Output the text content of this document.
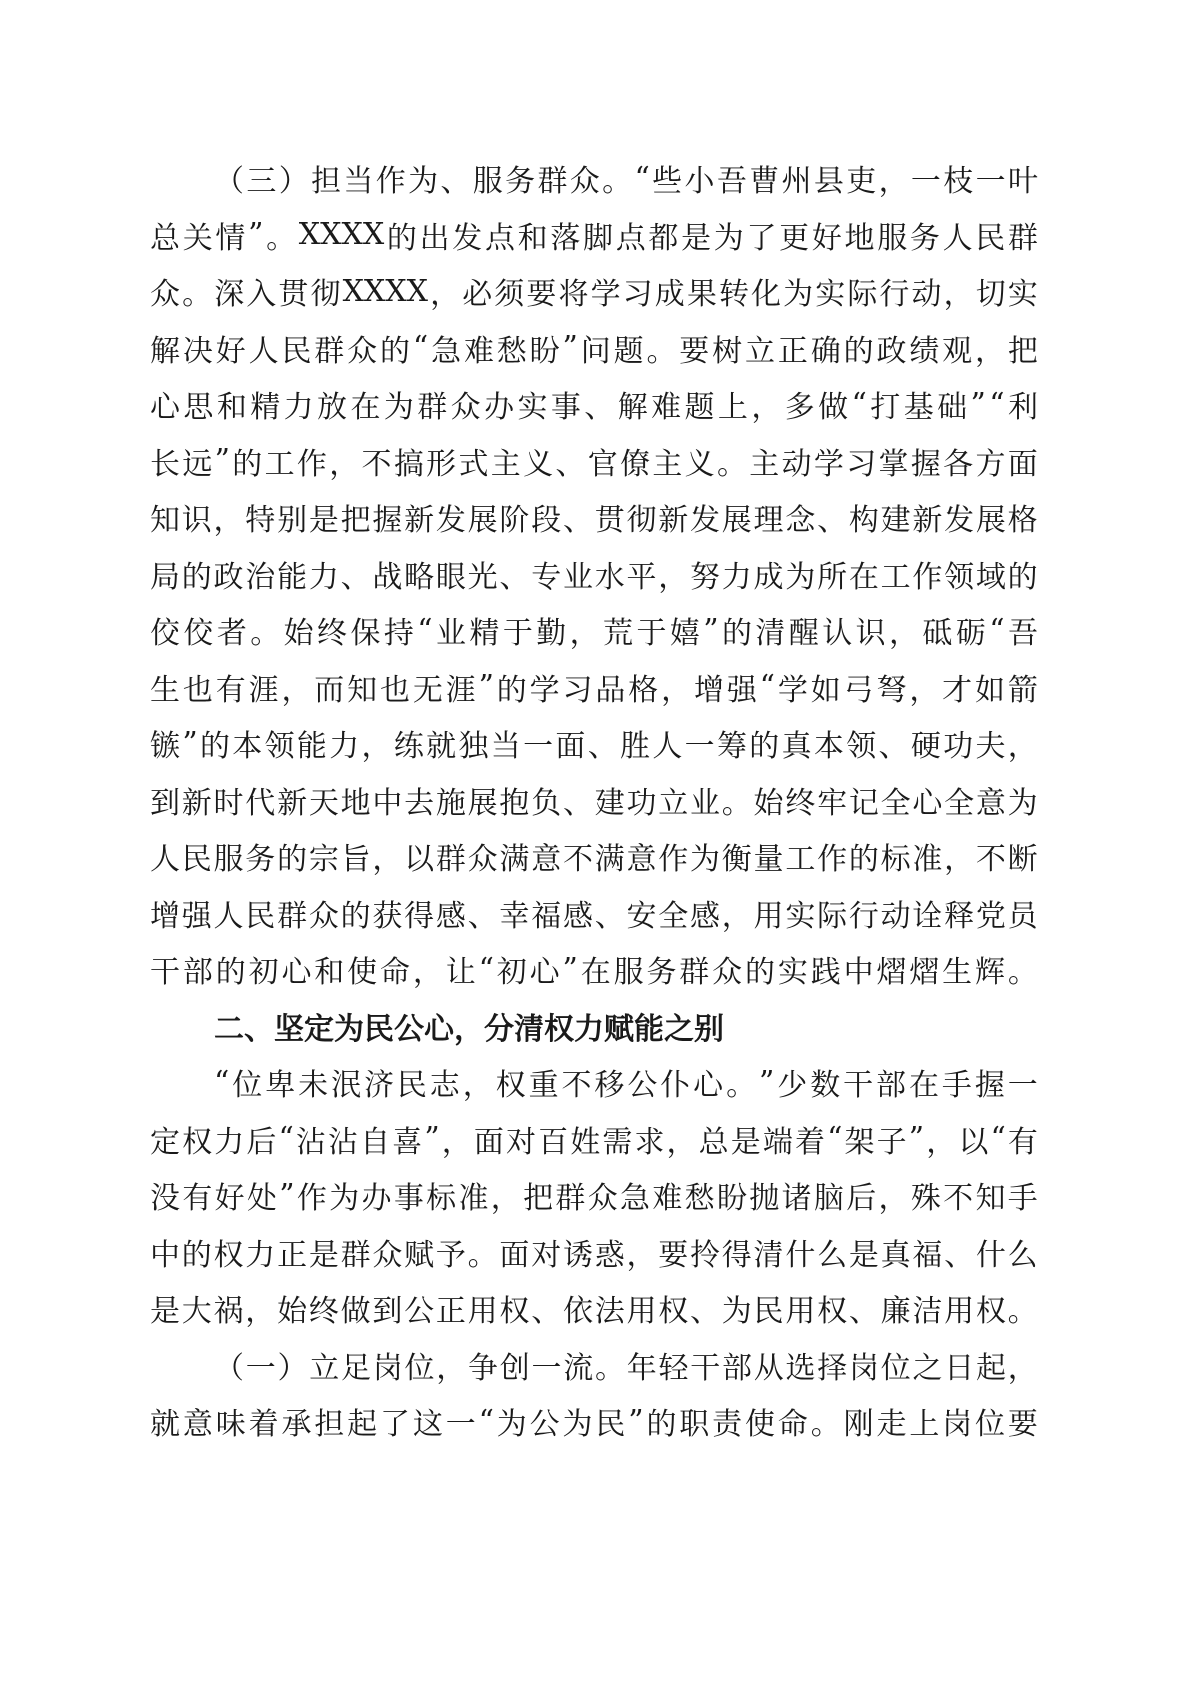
（ 三 ） 担 当 作 为 、 服 务 群 众 。 “ 些 小 吾 曹 州 县 吏 ， 一 枝 一 叶
总 关 情 ” 。 XXXX 的 出 发 点 和 落 脚 点 都 是 为 了 更 好 地 服 务 人 民 群
众 。 深 入 贯 彻 XXXX ， 必 须 要 将 学 习 成 果 转 化 为 实 际 行 动 ， 切 实
解 决 好 人 民 群 众 的 “ 急 难 愁 盼 ” 问 题 。 要 树 立 正 确 的 政 绩 观 ， 把
心 思 和 精 力 放 在 为 群 众 办 实 事 、 解 难 题 上 ， 多 做 “ 打 基 础 ” “ 利
长 远 ” 的 工 作 ， 不 搞 形 式 主 义 、 官 僚 主 义 。 主 动 学 习 掌 握 各 方 面
知 识 ， 特 别 是 把 握 新 发 展 阶 段 、 贯 彻 新 发 展 理 念 、 构 建 新 发 展 格
局 的 政 治 能 力 、 战 略 眼 光 、 专 业 水 平 ， 努 力 成 为 所 在 工 作 领 域 的
佼 佼 者 。 始 终 保 持 “ 业 精 于 勤 ， 荒 于 嬉 ” 的 清 醒 认 识 ， 砥 砺 “ 吾
生 也 有 涯 ， 而 知 也 无 涯 ” 的 学 习 品 格 ， 增 强 “ 学 如 弓 弩 ， 才 如 箭
镞 ” 的 本 领 能 力 ， 练 就 独 当 一 面 、 胜 人 一 筹 的 真 本 领 、 硬 功 夫 ，
到 新 时 代 新 天 地 中 去 施 展 抱 负 、 建 功 立 业 。 始 终 牢 记 全 心 全 意 为
人 民 服 务 的 宗 旨 ， 以 群 众 满 意 不 满 意 作 为 衡 量 工 作 的 标 准 ， 不 断
增 强 人 民 群 众 的 获 得 感 、 幸 福 感 、 安 全 感 ， 用 实 际 行 动 诠 释 党 员
干 部 的 初 心 和 使 命 ， 让 “ 初 心 ” 在 服 务 群 众 的 实 践 中 熠 熠 生 辉 。
二 、 坚 定 为 民 公 心 ， 分 清 权 力 赋 能 之 别
“ 位 卑 未 泯 济 民 志 ， 权 重 不 移 公 仆 心 。 ” 少 数 干 部 在 手 握 一
定 权 力 后 “ 沾 沾 自 喜 ” ， 面 对 百 姓 需 求 ， 总 是 端 着 “ 架 子 ” ， 以 “ 有
没 有 好 处 ” 作 为 办 事 标 准 ， 把 群 众 急 难 愁 盼 抛 诸 脑 后 ， 殊 不 知 手
中 的 权 力 正 是 群 众 赋 予 。 面 对 诱 惑 ， 要 拎 得 清 什 么 是 真 福 、 什 么
是 大 祸 ， 始 终 做 到 公 正 用 权 、 依 法 用 权 、 为 民 用 权 、 廉 洁 用 权 。
（ 一 ） 立 足 岗 位 ， 争 创 一 流 。 年 轻 干 部 从 选 择 岗 位 之 日 起 ，
就 意 味 着 承 担 起 了 这 一 “ 为 公 为 民 ” 的 职 责 使 命 。 刚 走 上 岗 位 要
